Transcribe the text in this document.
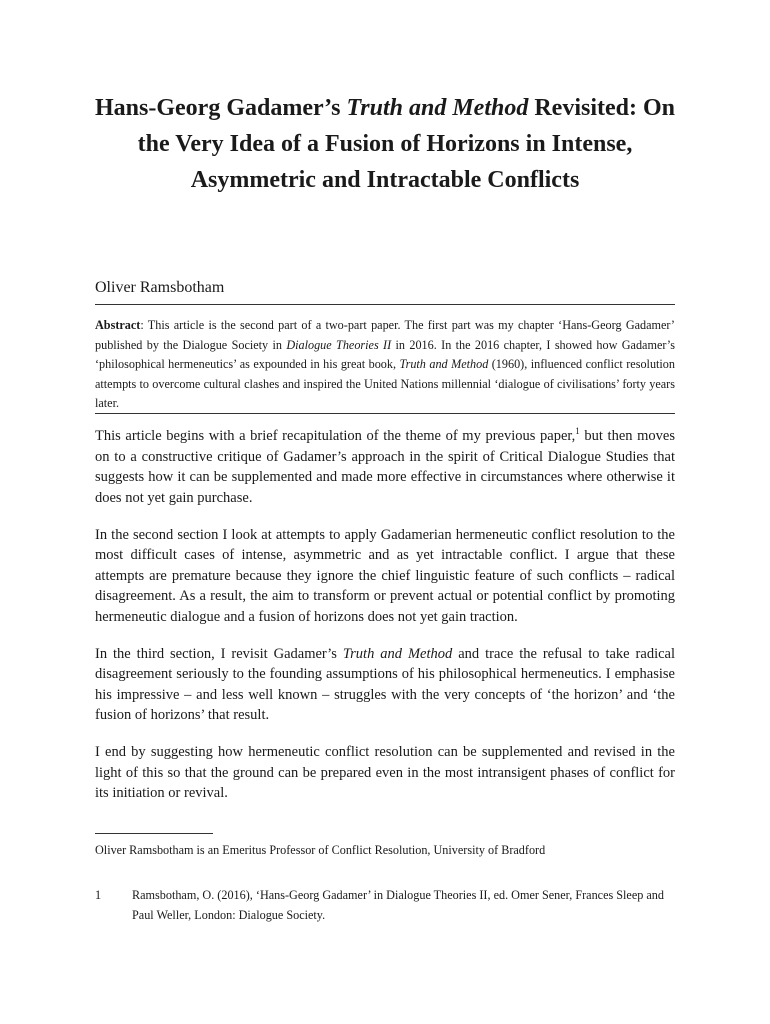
Hans-Georg Gadamer’s Truth and Method Revisited: On the Very Idea of a Fusion of Horizons in Intense, Asymmetric and Intractable Conflicts

Oliver Ramsbotham

Abstract: This article is the second part of a two-part paper. The first part was my chapter ‘Hans-Georg Gadamer’ published by the Dialogue Society in Dialogue Theories II in 2016. In the 2016 chapter, I showed how Gadamer’s ‘philosophical hermeneutics’ as expounded in his great book, Truth and Method (1960), influenced conflict resolution attempts to overcome cultural clashes and inspired the United Nations millennial ‘dialogue of civilisations’ forty years later.

This article begins with a brief recapitulation of the theme of my previous paper,$^1$ but then moves on to a constructive critique of Gadamer’s approach in the spirit of Critical Dialogue Studies that suggests how it can be supplemented and made more effective in circumstances where otherwise it does not yet gain purchase.

In the second section I look at attempts to apply Gadamerian hermeneutic conflict resolution to the most difficult cases of intense, asymmetric and as yet intractable conflict. I argue that these attempts are premature because they ignore the chief linguistic feature of such conflicts – radical disagreement. As a result, the aim to transform or prevent actual or potential conflict by promoting hermeneutic dialogue and a fusion of horizons does not yet gain traction.

In the third section, I revisit Gadamer’s Truth and Method and trace the refusal to take radical disagreement seriously to the founding assumptions of his philosophical hermeneutics. I emphasise his impressive – and less well known – struggles with the very concepts of ‘the horizon’ and ‘the fusion of horizons’ that result.

I end by suggesting how hermeneutic conflict resolution can be supplemented and revised in the light of this so that the ground can be prepared even in the most intransigent phases of conflict for its initiation or revival.

Oliver Ramsbotham is an Emeritus Professor of Conflict Resolution, University of Bradford

1	Ramsbotham, O. (2016), ‘Hans-Georg Gadamer’ in Dialogue Theories II, ed. Omer Sener, Frances Sleep and Paul Weller, London: Dialogue Society.
